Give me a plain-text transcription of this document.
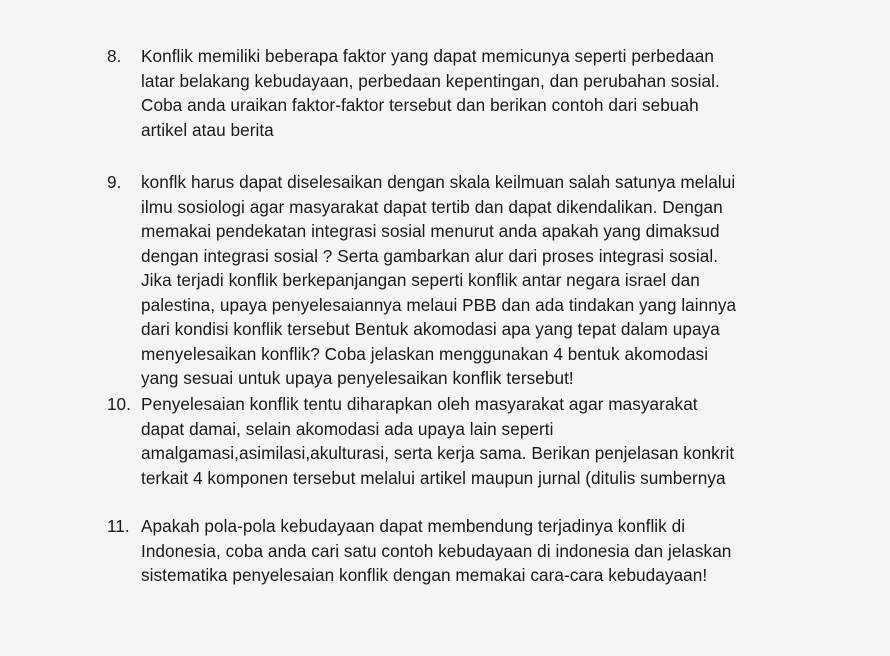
8.	Konflik memiliki beberapa faktor yang dapat memicunya seperti perbedaan
latar belakang kebudayaan, perbedaan kepentingan, dan perubahan sosial.
Coba anda uraikan faktor-faktor tersebut dan berikan contoh dari sebuah
artikel atau berita
9.	konflk harus dapat diselesaikan dengan skala keilmuan salah satunya melalui
ilmu sosiologi agar masyarakat dapat tertib dan dapat dikendalikan. Dengan
memakai pendekatan integrasi sosial menurut anda apakah yang dimaksud
dengan integrasi sosial ? Serta gambarkan alur dari proses integrasi sosial.
Jika terjadi konflik berkepanjangan seperti konflik antar negara israel dan
palestina, upaya penyelesaiannya melaui PBB dan ada tindakan yang lainnya
dari kondisi konflik tersebut Bentuk akomodasi apa yang tepat dalam upaya
menyelesaikan konflik? Coba jelaskan menggunakan 4 bentuk akomodasi
yang sesuai untuk upaya penyelesaikan konflik tersebut!
10. Penyelesaian konflik tentu diharapkan oleh masyarakat agar masyarakat
dapat damai, selain akomodasi ada upaya lain seperti
amalgamasi,asimilasi,akulturasi, serta kerja sama. Berikan penjelasan konkrit
terkait 4 komponen tersebut melalui artikel maupun jurnal (ditulis sumbernya
11. Apakah pola-pola kebudayaan dapat membendung terjadinya konflik di
Indonesia, coba anda cari satu contoh kebudayaan di indonesia dan jelaskan
sistematika penyelesaian konflik dengan memakai cara-cara kebudayaan!
